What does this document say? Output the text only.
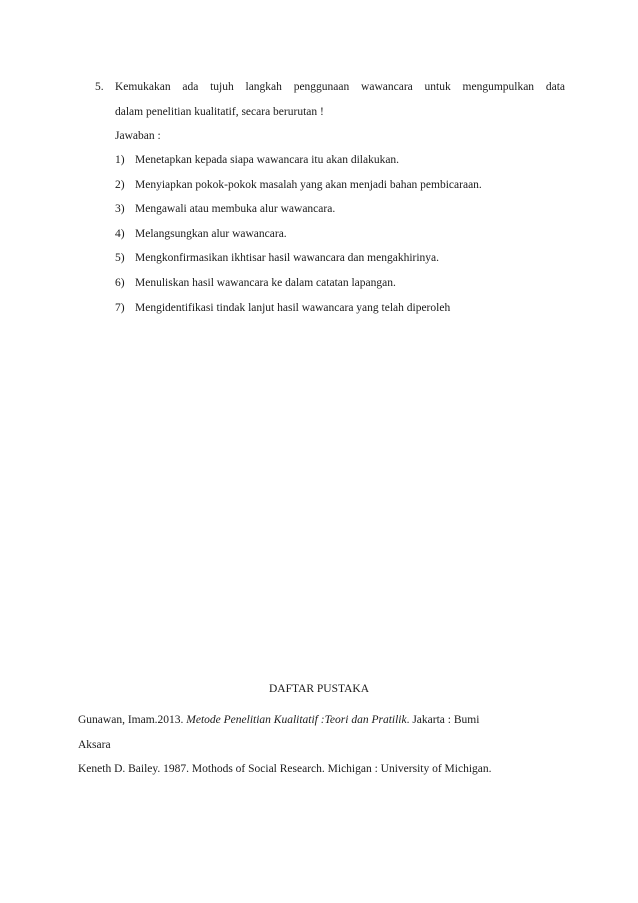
5. Kemukakan ada tujuh langkah penggunaan wawancara untuk mengumpulkan data
dalam penelitian kualitatif, secara berurutan !
Jawaban :
1) Menetapkan kepada siapa wawancara itu akan dilakukan.
2) Menyiapkan pokok-pokok masalah yang akan menjadi bahan pembicaraan.
3) Mengawali atau membuka alur wawancara.
4) Melangsungkan alur wawancara.
5) Mengkonfirmasikan ikhtisar hasil wawancara dan mengakhirinya.
6) Menuliskan hasil wawancara ke dalam catatan lapangan.
7) Mengidentifikasi tindak lanjut hasil wawancara yang telah diperoleh
DAFTAR PUSTAKA
Gunawan, Imam.2013. Metode Penelitian Kualitatif :Teori dan Pratilik. Jakarta : Bumi
Aksara
Keneth D. Bailey. 1987. Mothods of Social Research. Michigan : University of Michigan.
